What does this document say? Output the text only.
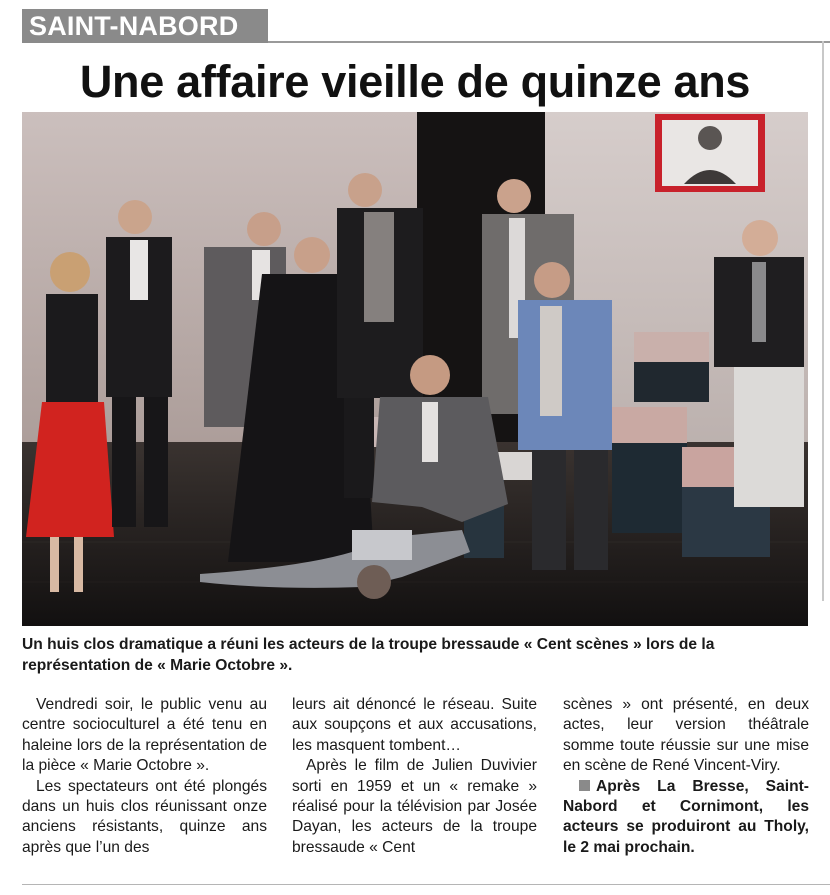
SAINT-NABORD
Une affaire vieille de quinze ans
Un huis clos dramatique a réuni les acteurs de la troupe bressaude « Cent scènes » lors de la représentation de « Marie Octobre ».

Vendredi soir, le public venu au centre socioculturel a été tenu en haleine lors de la représentation de la pièce « Marie Octobre ».

Les spectateurs ont été plongés dans un huis clos réunissant onze anciens résistants, quinze ans après que l’un des

leurs ait dénoncé le réseau. Suite aux soupçons et aux accusations, les masquent tombent…

Après le film de Julien Duvivier sorti en 1959 et un « remake » réalisé pour la télévision par Josée Dayan, les acteurs de la troupe bressaude « Cent

scènes » ont présenté, en deux actes, leur version théâtrale somme toute réussie sur une mise en scène de René Vincent-Viry.

Après La Bresse, Saint-Nabord et Cornimont, les acteurs se produiront au Tholy, le 2 mai prochain.
